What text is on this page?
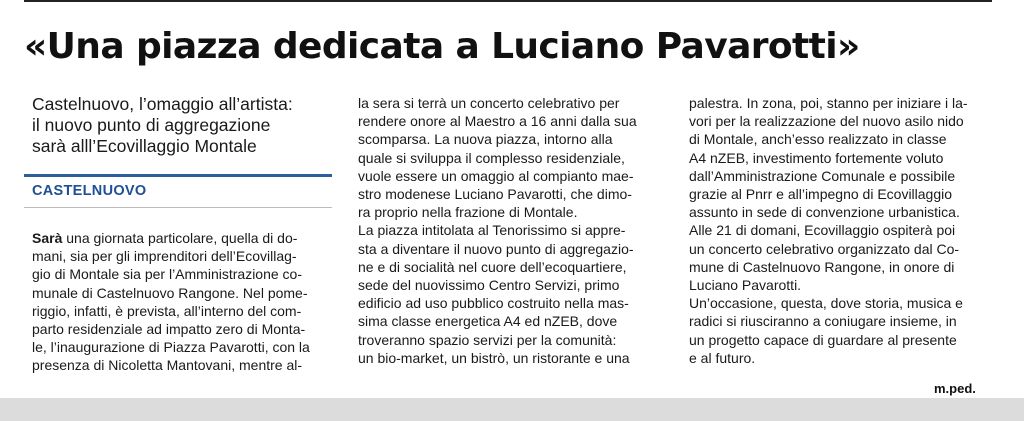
«Una piazza dedicata a Luciano Pavarotti»

Castelnuovo, l’omaggio all’artista:
il nuovo punto di aggregazione
sarà alll’Ecovillaggio Montale

CASTELNUOVO

Sarà una giornata particolare, quella di do-
mani, sia per gli imprenditori dell’Ecovillag-
gio di Montale sia per l’Amministrazione co-
munale di Castelnuovo Rangone. Nel pome-
riggio, infatti, è prevista, all’interno del com-
parto residenziale ad impatto zero di Monta-
le, l’inaugurazione di Piazza Pavarotti, con la
presenza di Nicoletta Mantovani, mentre al-

la sera si terrà un concerto celebrativo per
rendere onore al Maestro a 16 anni dalla sua
scomparsa. La nuova piazza, intorno alla
quale si sviluppa il complesso residenziale,
vuole essere un omaggio al compianto mae-
stro modenese Luciano Pavarotti, che dimo-
ra proprio nella frazione di Montale.
La piazza intitolata al Tenorissimo si appre-
sta a diventare il nuovo punto di aggregazio-
ne e di socialità nel cuore dell’ecoquartiere,
sede del nuovissimo Centro Servizi, primo
edificio ad uso pubblico costruito nella mas-
sima classe energetica A4 ed nZEB, dove
troveranno spazio servizi per la comunità:
un bio-market, un bistrò, un ristorante e una

palestra. In zona, poi, stanno per iniziare i la-
vori per la realizzazione del nuovo asilo nido
di Montale, anch’esso realizzato in classe
A4 nZEB, investimento fortemente voluto
dall’Amministrazione Comunale e possibile
grazie al Pnrr e all’impegno di Ecovillaggio
assunto in sede di convenzione urbanistica.
Alle 21 di domani, Ecovillaggio ospiterà poi
un concerto celebrativo organizzato dal Co-
mune di Castelnuovo Rangone, in onore di
Luciano Pavarotti.
Un’occasione, questa, dove storia, musica e
radici si riusciranno a coniugare insieme, in
un progetto capace di guardare al presente
e al futuro.

m.ped.
